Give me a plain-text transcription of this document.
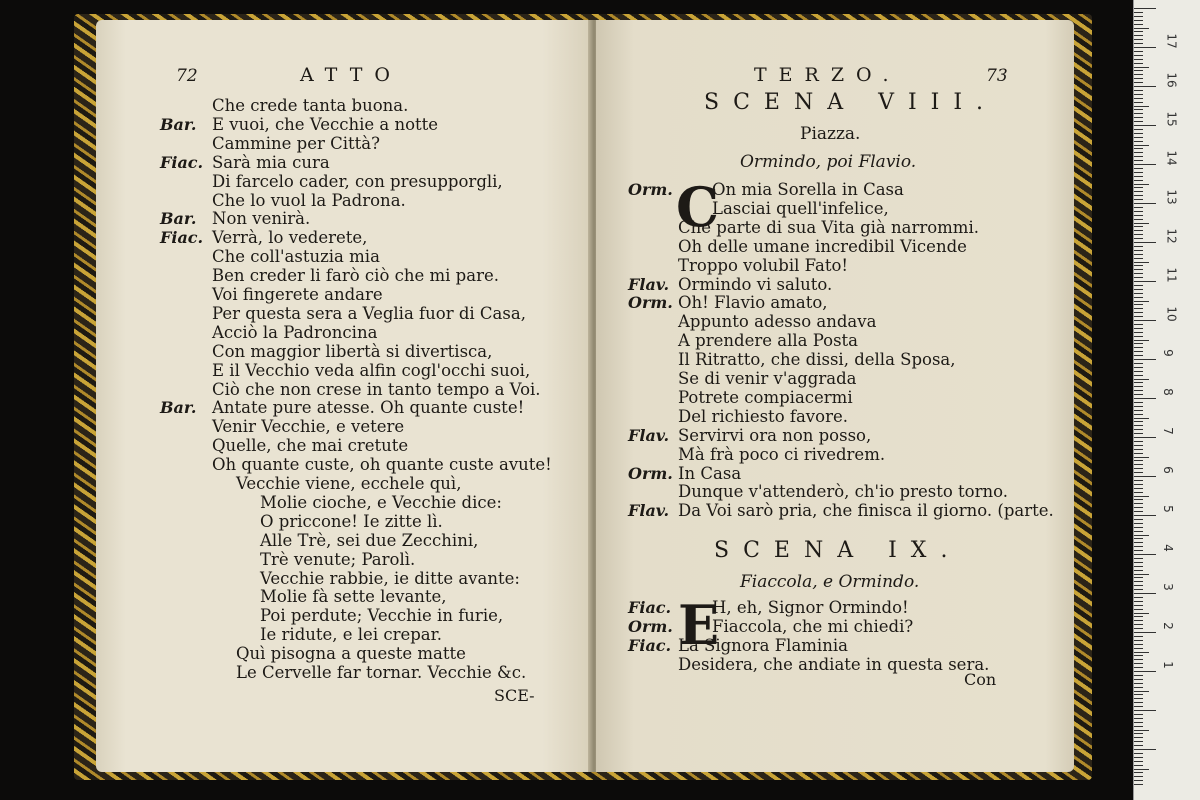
72	ATTO
Che crede tanta buona.
Bar. E vuoi, che Vecchie a notte
Cammine per Città?
Fiac. Sarà mia cura
Di farcelo cader, con presupporgli,
Che lo vuol la Padrona.
Bar. Non venirà.
Fiac. Verrà, lo vederete,
Che coll'astuzia mia
Ben creder li farò ciò che mi pare.
Voi fingerete andare
Per questa sera a Veglia fuor di Casa,
Acciò la Padroncina
Con maggior libertà si divertisca,
E il Vecchio veda alfin cogl'occhi suoi,
Ciò che non crese in tanto tempo a Voi.
Bar. Antate pure atesse. Oh quante custe!
Venir Vecchie, e vetere
Quelle, che mai cretute
Oh quante custe, oh quante custe avute!
Vecchie viene, ecchele quì,
Molie cioche, e Vecchie dice:
O priccone! Ie zitte lì.
Alle Trè, sei due Zecchini,
Trè venute; Parolì.
Vecchie rabbie, ie ditte avante:
Molie fà sette levante,
Poi perdute; Vecchie in furie,
Ie ridute, e lei crepar.
Quì pisogna a queste matte
Le Cervelle far tornar. Vecchie &c.
SCE-
TERZO.	73
SCENA VIII.
Piazza.
Ormindo, poi Flavio.
C
Orm. On mia Sorella in Casa
Lasciai quell'infelice,
Che parte di sua Vita già narrommi.
Oh delle umane incredibil Vicende
Troppo volubil Fato!
Flav. Ormindo vi saluto.
Orm. Oh! Flavio amato,
Appunto adesso andava
A prendere alla Posta
Il Ritratto, che dissi, della Sposa,
Se di venir v'aggrada
Potrete compiacermi
Del richiesto favore.
Flav. Servirvi ora non posso,
Mà frà poco ci rivedrem.
Orm. In Casa
Dunque v'attenderò, ch'io presto torno.
Flav. Da Voi sarò pria, che finisca il giorno. (parte.
SCENA IX.
Fiaccola, e Ormindo.
E
Fiac. H, eh, Signor Ormindo!
Orm. Fiaccola, che mi chiedi?
Fiac. La Signora Flaminia
Desidera, che andiate in questa sera.
Con
17
16
15
14
13
12
11
10
9
8
7
6
5
4
3
2
1
